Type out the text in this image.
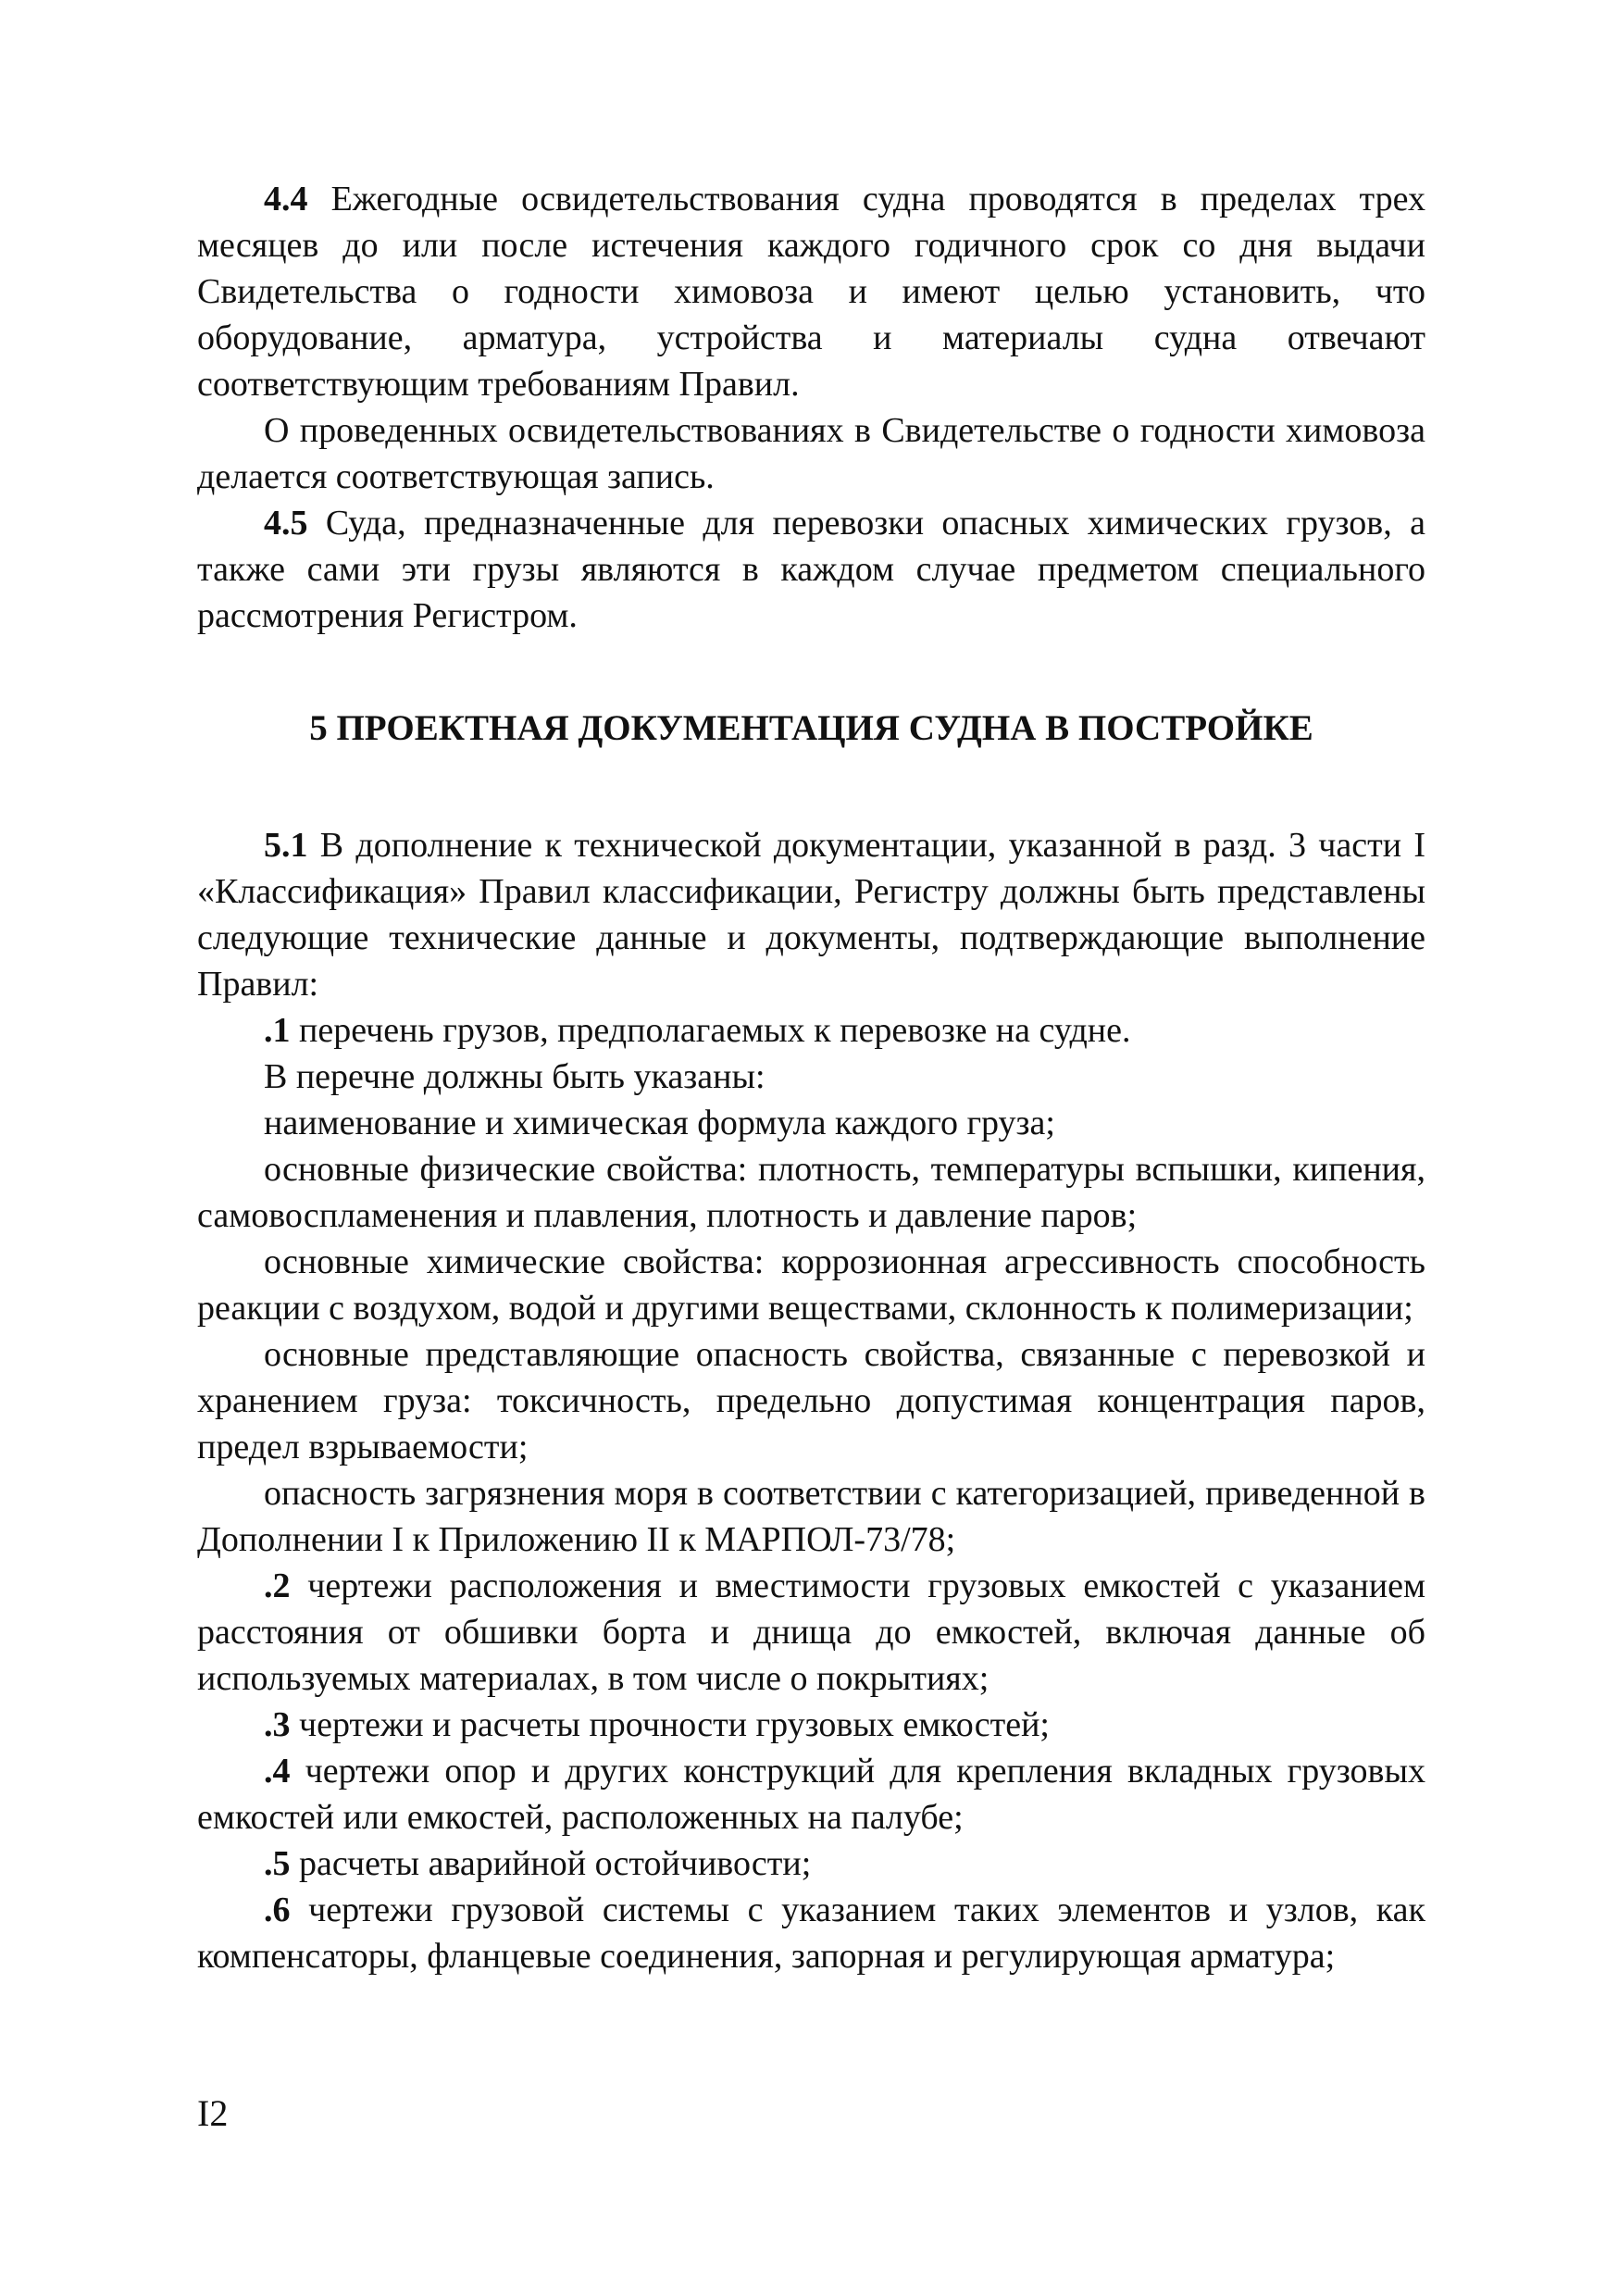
4.4 Ежегодные освидетельствования судна проводятся в пределах трех месяцев до или после истечения каждого годичного срок со дня выдачи Свидетельства о годности химовоза и имеют целью установить, что оборудование, арматура, устройства и материалы судна отвечают соответствующим требованиям Правил.

О проведенных освидетельствованиях в Свидетельстве о годности химовоза делается соответствующая запись.

4.5 Суда, предназначенные для перевозки опасных химических грузов, а также сами эти грузы являются в каждом случае предметом специального рассмотрения Регистром.

5 ПРОЕКТНАЯ ДОКУМЕНТАЦИЯ СУДНА В ПОСТРОЙКЕ

5.1 В дополнение к технической документации, указанной в разд. 3 части I «Классификация» Правил классификации, Регистру должны быть представлены следующие технические данные и документы, подтверждающие выполнение Правил:

.1 перечень грузов, предполагаемых к перевозке на судне.

В перечне должны быть указаны:

наименование и химическая формула каждого груза;

основные физические свойства: плотность, температуры вспышки, кипения, самовоспламенения и плавления, плотность и давление паров;

основные химические свойства: коррозионная агрессивность способность реакции с воздухом, водой и другими веществами, склонность к полимеризации;

основные представляющие опасность свойства, связанные с перевозкой и хранением груза: токсичность, предельно допустимая концентрация паров, предел взрываемости;

опасность загрязнения моря в соответствии с категоризацией, приведенной в Дополнении I к Приложению II к МАРПОЛ-73/78;

.2 чертежи расположения и вместимости грузовых емкостей с указанием расстояния от обшивки борта и днища до емкостей, включая данные об используемых материалах, в том числе о покрытиях;

.3 чертежи и расчеты прочности грузовых емкостей;

.4 чертежи опор и других конструкций для крепления вкладных грузовых емкостей или емкостей, расположенных на палубе;

.5 расчеты аварийной остойчивости;

.6 чертежи грузовой системы с указанием таких элементов и узлов, как компенсаторы, фланцевые соединения, запорная и регулирующая арматура;

I2
